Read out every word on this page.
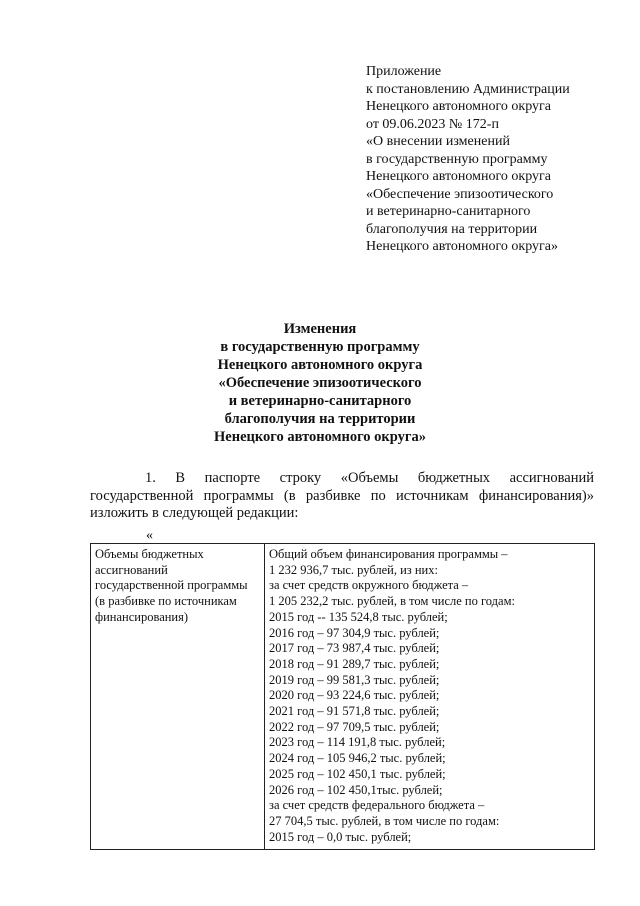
Приложение
к постановлению Администрации
Ненецкого автономного округа
от 09.06.2023 № 172-п
«О внесении изменений
в государственную программу
Ненецкого автономного округа
«Обеспечение эпизоотического
и ветеринарно-санитарного
благополучия на территории
Ненецкого автономного округа»
Изменения
в государственную программу
Ненецкого автономного округа
«Обеспечение эпизоотического
и ветеринарно-санитарного
благополучия на территории
Ненецкого автономного округа»
1. В паспорте строку «Объемы бюджетных ассигнований
государственной программы (в разбивке по источникам финансирования)»
изложить в следующей редакции:
«
Объемы бюджетных
ассигнований
государственной программы
(в разбивке по источникам
финансирования)

Общий объем финансирования программы –
1 232 936,7 тыс. рублей, из них:
за счет средств окружного бюджета –
1 205 232,2 тыс. рублей, в том числе по годам:
2015 год -- 135 524,8 тыс. рублей;
2016 год – 97 304,9 тыс. рублей;
2017 год – 73 987,4 тыс. рублей;
2018 год – 91 289,7 тыс. рублей;
2019 год – 99 581,3 тыс. рублей;
2020 год – 93 224,6 тыс. рублей;
2021 год – 91 571,8 тыс. рублей;
2022 год – 97 709,5 тыс. рублей;
2023 год – 114 191,8 тыс. рублей;
2024 год – 105 946,2 тыс. рублей;
2025 год – 102 450,1 тыс. рублей;
2026 год – 102 450,1тыс. рублей;
за счет средств федерального бюджета –
27 704,5 тыс. рублей, в том числе по годам:
2015 год – 0,0 тыс. рублей;
